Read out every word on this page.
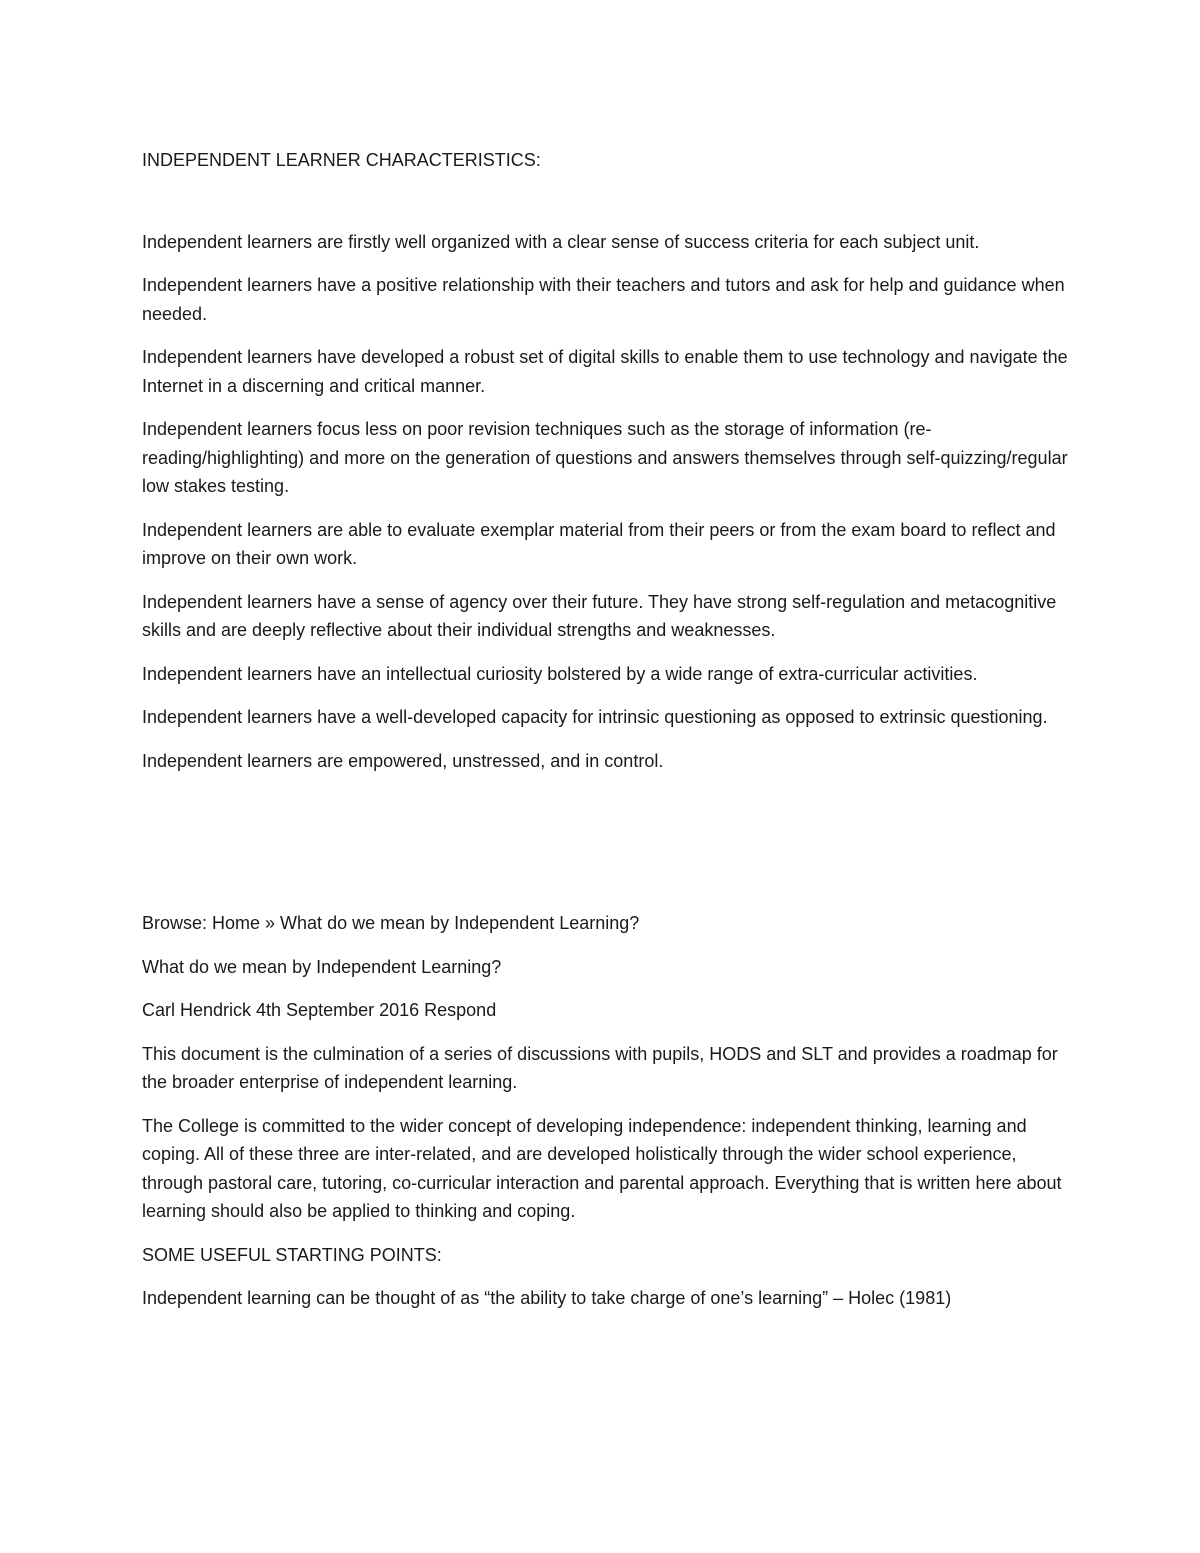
INDEPENDENT LEARNER CHARACTERISTICS:

Independent learners are firstly well organized with a clear sense of success criteria for each subject unit.

Independent learners have a positive relationship with their teachers and tutors and ask for help and guidance when needed.

Independent learners have developed a robust set of digital skills to enable them to use technology and navigate the Internet in a discerning and critical manner.

Independent learners focus less on poor revision techniques such as the storage of information (re-reading/highlighting) and more on the generation of questions and answers themselves through self-quizzing/regular low stakes testing.

Independent learners are able to evaluate exemplar material from their peers or from the exam board to reflect and improve on their own work.

Independent learners have a sense of agency over their future. They have strong self-regulation and metacognitive skills and are deeply reflective about their individual strengths and weaknesses.

Independent learners have an intellectual curiosity bolstered by a wide range of extra-curricular activities.

Independent learners have a well-developed capacity for intrinsic questioning as opposed to extrinsic questioning.

Independent learners are empowered, unstressed, and in control.

Browse: Home » What do we mean by Independent Learning?

What do we mean by Independent Learning?

Carl Hendrick 4th September 2016 Respond

This document is the culmination of a series of discussions with pupils, HODS and SLT and provides a roadmap for the broader enterprise of independent learning.

The College is committed to the wider concept of developing independence: independent thinking, learning and coping. All of these three are inter-related, and are developed holistically through the wider school experience, through pastoral care, tutoring, co-curricular interaction and parental approach. Everything that is written here about learning should also be applied to thinking and coping.

SOME USEFUL STARTING POINTS:

Independent learning can be thought of as “the ability to take charge of one’s learning” – Holec (1981)
